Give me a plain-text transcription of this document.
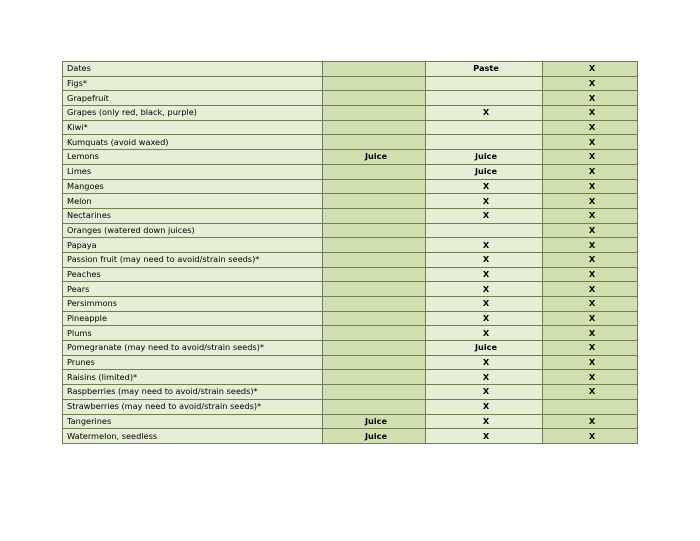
Dates		Paste	X
Figs*			X
Grapefruit			X
Grapes (only red, black, purple)		X	X
Kiwi*			X
Kumquats (avoid waxed)			X
Lemons	Juice	Juice	X
Limes		Juice	X
Mangoes		X	X
Melon		X	X
Nectarines		X	X
Oranges (watered down juices)			X
Papaya		X	X
Passion fruit (may need to avoid/strain seeds)*		X	X
Peaches		X	X
Pears		X	X
Persimmons		X	X
Pineapple		X	X
Plums		X	X
Pomegranate (may need to avoid/strain seeds)*		Juice	X
Prunes		X	X
Raisins (limited)*		X	X
Raspberries (may need to avoid/strain seeds)*		X	X
Strawberries (may need to avoid/strain seeds)*		X	
Tangerines	Juice	X	X
Watermelon, seedless	Juice	X	X
